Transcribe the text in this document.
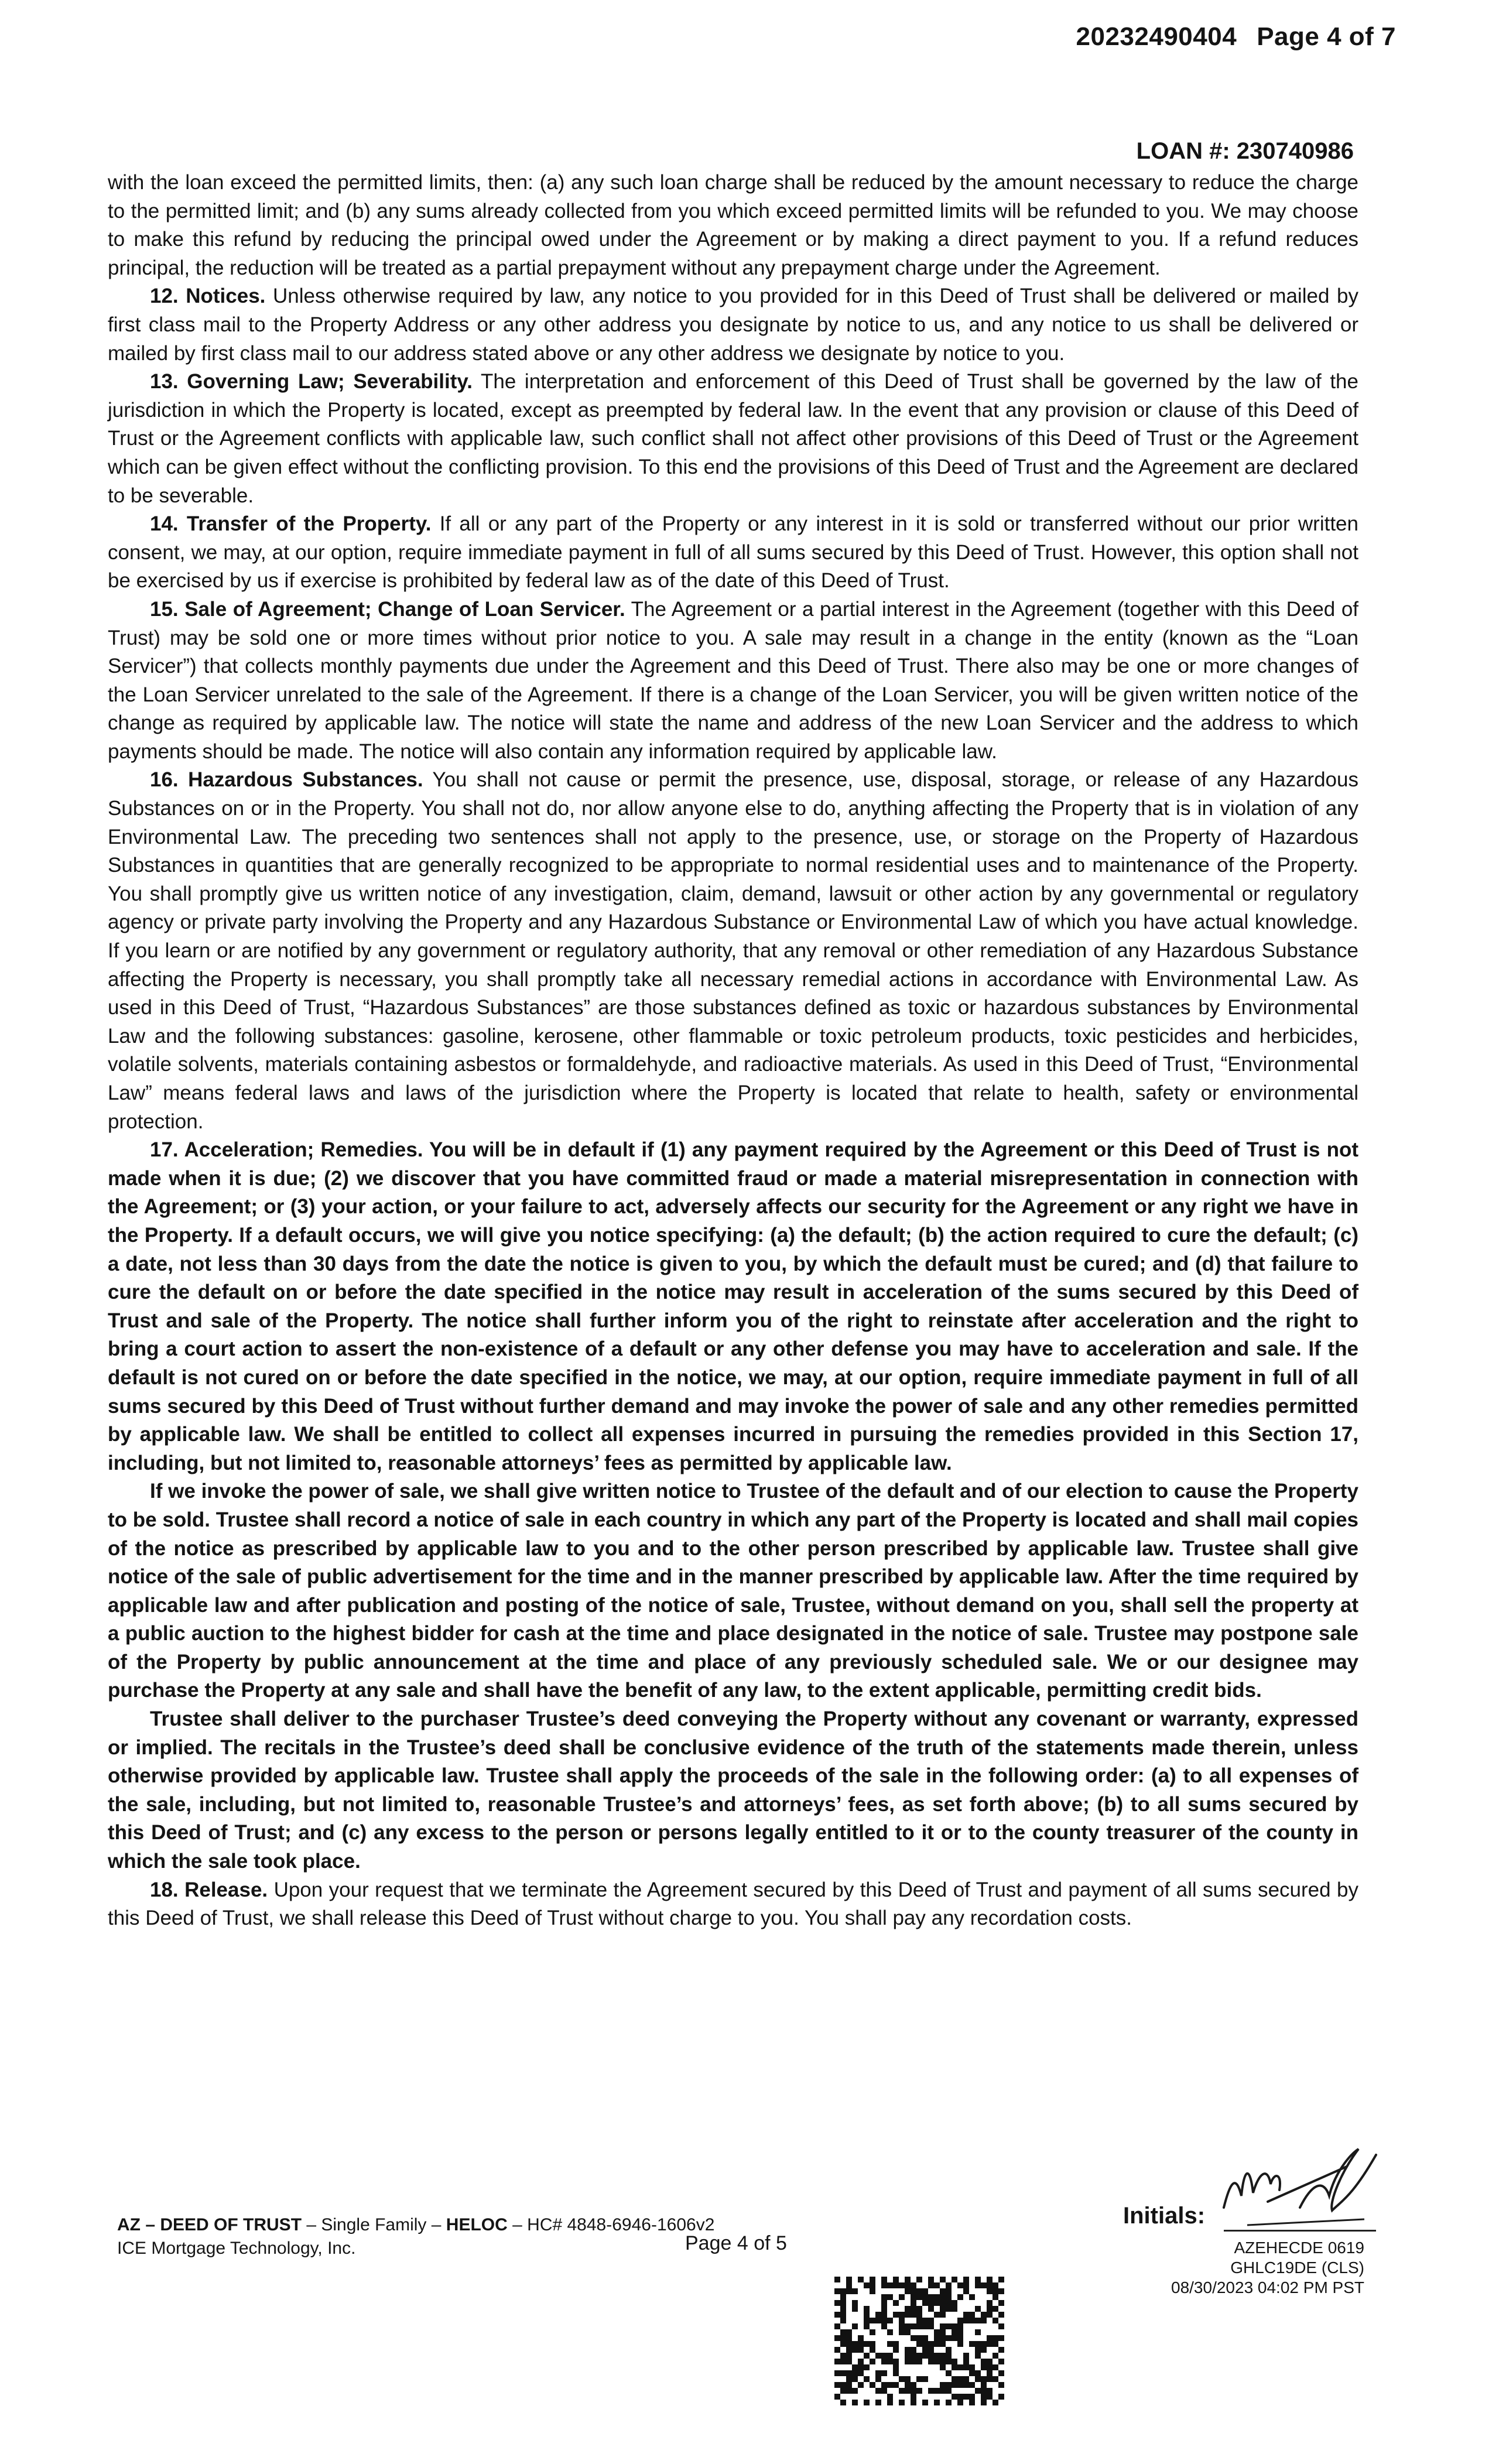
20232490404 Page 4 of 7
LOAN #: 230740986

with the loan exceed the permitted limits, then: (a) any such loan charge shall be reduced by the amount necessary to reduce the charge to the permitted limit; and (b) any sums already collected from you which exceed permitted limits will be refunded to you. We may choose to make this refund by reducing the principal owed under the Agreement or by making a direct payment to you. If a refund reduces principal, the reduction will be treated as a partial prepayment without any prepayment charge under the Agreement.

12. Notices. Unless otherwise required by law, any notice to you provided for in this Deed of Trust shall be delivered or mailed by first class mail to the Property Address or any other address you designate by notice to us, and any notice to us shall be delivered or mailed by first class mail to our address stated above or any other address we designate by notice to you.

13. Governing Law; Severability. The interpretation and enforcement of this Deed of Trust shall be governed by the law of the jurisdiction in which the Property is located, except as preempted by federal law. In the event that any provision or clause of this Deed of Trust or the Agreement conflicts with applicable law, such conflict shall not affect other provisions of this Deed of Trust or the Agreement which can be given effect without the conflicting provision. To this end the provisions of this Deed of Trust and the Agreement are declared to be severable.

14. Transfer of the Property. If all or any part of the Property or any interest in it is sold or transferred without our prior written consent, we may, at our option, require immediate payment in full of all sums secured by this Deed of Trust. However, this option shall not be exercised by us if exercise is prohibited by federal law as of the date of this Deed of Trust.

15. Sale of Agreement; Change of Loan Servicer. The Agreement or a partial interest in the Agreement (together with this Deed of Trust) may be sold one or more times without prior notice to you. A sale may result in a change in the entity (known as the “Loan Servicer”) that collects monthly payments due under the Agreement and this Deed of Trust. There also may be one or more changes of the Loan Servicer unrelated to the sale of the Agreement. If there is a change of the Loan Servicer, you will be given written notice of the change as required by applicable law. The notice will state the name and address of the new Loan Servicer and the address to which payments should be made. The notice will also contain any information required by applicable law.

16. Hazardous Substances. You shall not cause or permit the presence, use, disposal, storage, or release of any Hazardous Substances on or in the Property. You shall not do, nor allow anyone else to do, anything affecting the Property that is in violation of any Environmental Law. The preceding two sentences shall not apply to the presence, use, or storage on the Property of Hazardous Substances in quantities that are generally recognized to be appropriate to normal residential uses and to maintenance of the Property. You shall promptly give us written notice of any investigation, claim, demand, lawsuit or other action by any governmental or regulatory agency or private party involving the Property and any Hazardous Substance or Environmental Law of which you have actual knowledge. If you learn or are notified by any government or regulatory authority, that any removal or other remediation of any Hazardous Substance affecting the Property is necessary, you shall promptly take all necessary remedial actions in accordance with Environmental Law. As used in this Deed of Trust, “Hazardous Substances” are those substances defined as toxic or hazardous substances by Environmental Law and the following substances: gasoline, kerosene, other flammable or toxic petroleum products, toxic pesticides and herbicides, volatile solvents, materials containing asbestos or formaldehyde, and radioactive materials. As used in this Deed of Trust, “Environmental Law” means federal laws and laws of the jurisdiction where the Property is located that relate to health, safety or environmental protection.

17. Acceleration; Remedies. You will be in default if (1) any payment required by the Agreement or this Deed of Trust is not made when it is due; (2) we discover that you have committed fraud or made a material misrepresentation in connection with the Agreement; or (3) your action, or your failure to act, adversely affects our security for the Agreement or any right we have in the Property. If a default occurs, we will give you notice specifying: (a) the default; (b) the action required to cure the default; (c) a date, not less than 30 days from the date the notice is given to you, by which the default must be cured; and (d) that failure to cure the default on or before the date specified in the notice may result in acceleration of the sums secured by this Deed of Trust and sale of the Property. The notice shall further inform you of the right to reinstate after acceleration and the right to bring a court action to assert the non-existence of a default or any other defense you may have to acceleration and sale. If the default is not cured on or before the date specified in the notice, we may, at our option, require immediate payment in full of all sums secured by this Deed of Trust without further demand and may invoke the power of sale and any other remedies permitted by applicable law. We shall be entitled to collect all expenses incurred in pursuing the remedies provided in this Section 17, including, but not limited to, reasonable attorneys’ fees as permitted by applicable law.

If we invoke the power of sale, we shall give written notice to Trustee of the default and of our election to cause the Property to be sold. Trustee shall record a notice of sale in each country in which any part of the Property is located and shall mail copies of the notice as prescribed by applicable law to you and to the other person prescribed by applicable law. Trustee shall give notice of the sale of public advertisement for the time and in the manner prescribed by applicable law. After the time required by applicable law and after publication and posting of the notice of sale, Trustee, without demand on you, shall sell the property at a public auction to the highest bidder for cash at the time and place designated in the notice of sale. Trustee may postpone sale of the Property by public announcement at the time and place of any previously scheduled sale. We or our designee may purchase the Property at any sale and shall have the benefit of any law, to the extent applicable, permitting credit bids.

Trustee shall deliver to the purchaser Trustee’s deed conveying the Property without any covenant or warranty, expressed or implied. The recitals in the Trustee’s deed shall be conclusive evidence of the truth of the statements made therein, unless otherwise provided by applicable law. Trustee shall apply the proceeds of the sale in the following order: (a) to all expenses of the sale, including, but not limited to, reasonable Trustee’s and attorneys’ fees, as set forth above; (b) to all sums secured by this Deed of Trust; and (c) any excess to the person or persons legally entitled to it or to the county treasurer of the county in which the sale took place.

18. Release. Upon your request that we terminate the Agreement secured by this Deed of Trust and payment of all sums secured by this Deed of Trust, we shall release this Deed of Trust without charge to you. You shall pay any recordation costs.

AZ – DEED OF TRUST – Single Family – HELOC – HC# 4848-6946-1606v2
ICE Mortgage Technology, Inc.	Page 4 of 5
Initials:
AZEHECDE 0619
GHLC19DE (CLS)
08/30/2023 04:02 PM PST
